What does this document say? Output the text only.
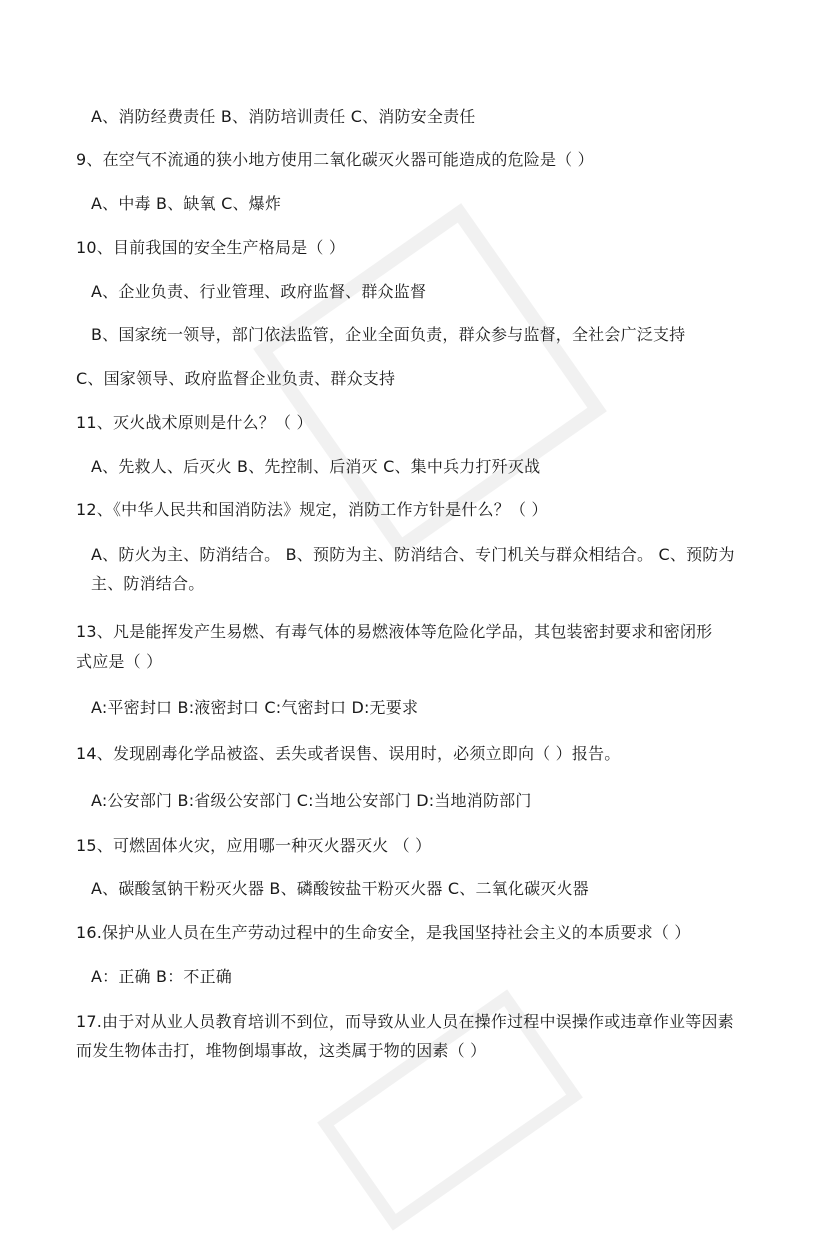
A、消防经费责任 B、消防培训责任 C、消防安全责任
9、在空气不流通的狭小地方使用二氧化碳灭火器可能造成的危险是（ ）
A、中毒 B、缺氧 C、爆炸
10、目前我国的安全生产格局是（ ）
A、企业负责、行业管理、政府监督、群众监督
B、国家统一领导，部门依法监管，企业全面负责，群众参与监督，全社会广泛支持
C、国家领导、政府监督企业负责、群众支持
11、灭火战术原则是什么？（ ）
A、先救人、后灭火 B、先控制、后消灭 C、集中兵力打歼灭战
12、《中华人民共和国消防法》规定，消防工作方针是什么？（ ）
A、防火为主、防消结合。 B、预防为主、防消结合、专门机关与群众相结合。 C、预防为
主、防消结合。
13、凡是能挥发产生易燃、有毒气体的易燃液体等危险化学品，其包装密封要求和密闭形
式应是（ ）
A:平密封口 B:液密封口 C:气密封口 D:无要求
14、发现剧毒化学品被盗、丢失或者误售、误用时，必须立即向（ ）报告。
A:公安部门 B:省级公安部门 C:当地公安部门 D:当地消防部门
15、可燃固体火灾，应用哪一种灭火器灭火 （ ）
A、碳酸氢钠干粉灭火器 B、磷酸铵盐干粉灭火器 C、二氧化碳灭火器
16.保护从业人员在生产劳动过程中的生命安全，是我国坚持社会主义的本质要求（ ）
A：正确 B：不正确
17.由于对从业人员教育培训不到位，而导致从业人员在操作过程中误操作或违章作业等因素
而发生物体击打，堆物倒塌事故，这类属于物的因素（ ）
